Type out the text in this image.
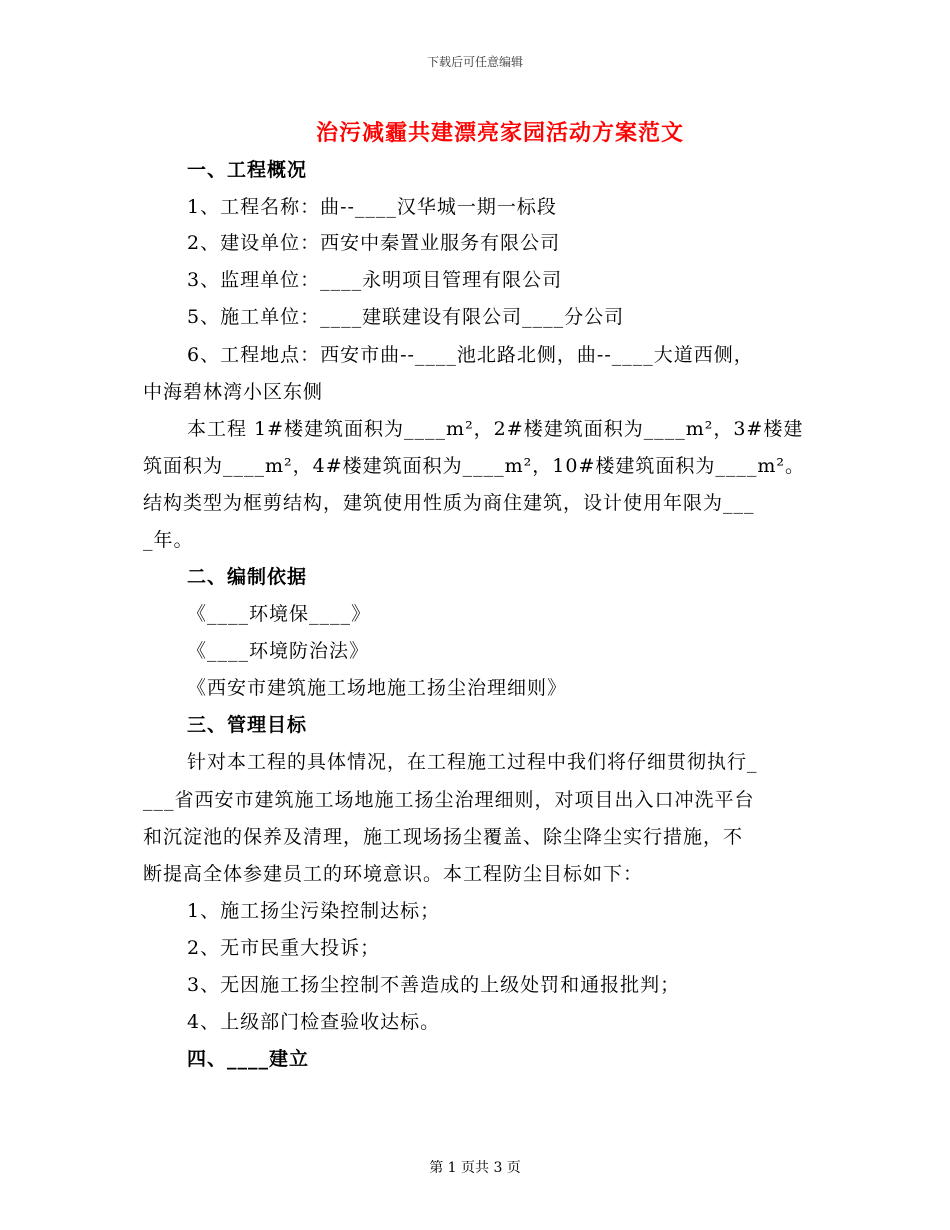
下载后可任意编辑
治污减霾共建漂亮家园活动方案范文
一、工程概况
1、工程名称：曲--____汉华城一期一标段
2、建设单位：西安中秦置业服务有限公司
3、监理单位：____永明项目管理有限公司
5、施工单位：____建联建设有限公司____分公司
6、工程地点：西安市曲--____池北路北侧，曲--____大道西侧，
中海碧林湾小区东侧
本工程 1#楼建筑面积为____m²，2#楼建筑面积为____m²，3#楼建
筑面积为____m²，4#楼建筑面积为____m²，10#楼建筑面积为____m²。
结构类型为框剪结构，建筑使用性质为商住建筑，设计使用年限为___
_年。
二、编制依据
《____环境保____》
《____环境防治法》
《西安市建筑施工场地施工扬尘治理细则》
三、管理目标
针对本工程的具体情况，在工程施工过程中我们将仔细贯彻执行_
___省西安市建筑施工场地施工扬尘治理细则，对项目出入口冲洗平台
和沉淀池的保养及清理，施工现场扬尘覆盖、除尘降尘实行措施，不
断提高全体参建员工的环境意识。本工程防尘目标如下：
1、施工扬尘污染控制达标；
2、无市民重大投诉；
3、无因施工扬尘控制不善造成的上级处罚和通报批判；
4、上级部门检查验收达标。
四、____建立
第 1 页共 3 页
